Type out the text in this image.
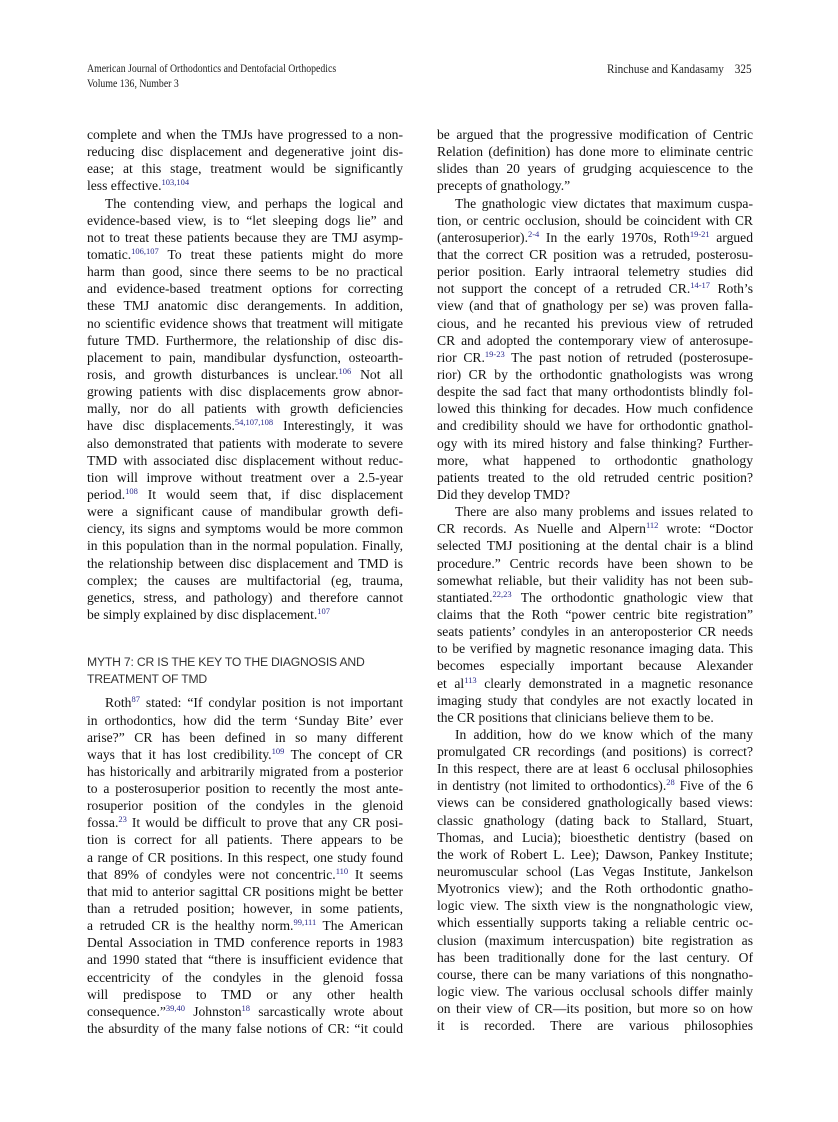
American Journal of Orthodontics and Dentofacial Orthopedics
Volume 136, Number 3
Rinchuse and Kandasamy 325

complete and when the TMJs have progressed to a non-
reducing disc displacement and degenerative joint dis-
ease; at this stage, treatment would be significantly
less effective.$^{103,104}$

The contending view, and perhaps the logical and
evidence-based view, is to “let sleeping dogs lie” and
not to treat these patients because they are TMJ asymp-
tomatic.$^{106,107}$ To treat these patients might do more
harm than good, since there seems to be no practical
and evidence-based treatment options for correcting
these TMJ anatomic disc derangements. In addition,
no scientific evidence shows that treatment will mitigate
future TMD. Furthermore, the relationship of disc dis-
placement to pain, mandibular dysfunction, osteoarth-
rosis, and growth disturbances is unclear.$^{106}$ Not all
growing patients with disc displacements grow abnor-
mally, nor do all patients with growth deficiencies
have disc displacements.$^{54,107,108}$ Interestingly, it was
also demonstrated that patients with moderate to severe
TMD with associated disc displacement without reduc-
tion will improve without treatment over a 2.5-year
period.$^{108}$ It would seem that, if disc displacement
were a significant cause of mandibular growth defi-
ciency, its signs and symptoms would be more common
in this population than in the normal population. Finally,
the relationship between disc displacement and TMD is
complex; the causes are multifactorial (eg, trauma,
genetics, stress, and pathology) and therefore cannot
be simply explained by disc displacement.$^{107}$

MYTH 7: CR IS THE KEY TO THE DIAGNOSIS AND
TREATMENT OF TMD

Roth$^{87}$ stated: “If condylar position is not important
in orthodontics, how did the term ‘Sunday Bite’ ever
arise?” CR has been defined in so many different
ways that it has lost credibility.$^{109}$ The concept of CR
has historically and arbitrarily migrated from a posterior
to a posterosuperior position to recently the most ante-
rosuperior position of the condyles in the glenoid
fossa.$^{23}$ It would be difficult to prove that any CR posi-
tion is correct for all patients. There appears to be
a range of CR positions. In this respect, one study found
that 89% of condyles were not concentric.$^{110}$ It seems
that mid to anterior sagittal CR positions might be better
than a retruded position; however, in some patients,
a retruded CR is the healthy norm.$^{99,111}$ The American
Dental Association in TMD conference reports in 1983
and 1990 stated that “there is insufficient evidence that
eccentricity of the condyles in the glenoid fossa
will predispose to TMD or any other health
consequence.”$^{39,40}$ Johnston$^{18}$ sarcastically wrote about
the absurdity of the many false notions of CR: “it could

be argued that the progressive modification of Centric
Relation (definition) has done more to eliminate centric
slides than 20 years of grudging acquiescence to the
precepts of gnathology.”

The gnathologic view dictates that maximum cuspa-
tion, or centric occlusion, should be coincident with CR
(anterosuperior).$^{2-4}$ In the early 1970s, Roth$^{19-21}$ argued
that the correct CR position was a retruded, posterosu-
perior position. Early intraoral telemetry studies did
not support the concept of a retruded CR.$^{14-17}$ Roth’s
view (and that of gnathology per se) was proven falla-
cious, and he recanted his previous view of retruded
CR and adopted the contemporary view of anterosupe-
rior CR.$^{19-23}$ The past notion of retruded (posterosupe-
rior) CR by the orthodontic gnathologists was wrong
despite the sad fact that many orthodontists blindly fol-
lowed this thinking for decades. How much confidence
and credibility should we have for orthodontic gnathol-
ogy with its mired history and false thinking? Further-
more, what happened to orthodontic gnathology
patients treated to the old retruded centric position?
Did they develop TMD?

There are also many problems and issues related to
CR records. As Nuelle and Alpern$^{112}$ wrote: “Doctor
selected TMJ positioning at the dental chair is a blind
procedure.” Centric records have been shown to be
somewhat reliable, but their validity has not been sub-
stantiated.$^{22,23}$ The orthodontic gnathologic view that
claims that the Roth “power centric bite registration”
seats patients’ condyles in an anteroposterior CR needs
to be verified by magnetic resonance imaging data. This
becomes especially important because Alexander
et al$^{113}$ clearly demonstrated in a magnetic resonance
imaging study that condyles are not exactly located in
the CR positions that clinicians believe them to be.

In addition, how do we know which of the many
promulgated CR recordings (and positions) is correct?
In this respect, there are at least 6 occlusal philosophies
in dentistry (not limited to orthodontics).$^{28}$ Five of the 6
views can be considered gnathologically based views:
classic gnathology (dating back to Stallard, Stuart,
Thomas, and Lucia); bioesthetic dentistry (based on
the work of Robert L. Lee); Dawson, Pankey Institute;
neuromuscular school (Las Vegas Institute, Jankelson
Myotronics view); and the Roth orthodontic gnatho-
logic view. The sixth view is the nongnathologic view,
which essentially supports taking a reliable centric oc-
clusion (maximum intercuspation) bite registration as
has been traditionally done for the last century. Of
course, there can be many variations of this nongnatho-
logic view. The various occlusal schools differ mainly
on their view of CR—its position, but more so on how
it is recorded. There are various philosophies
